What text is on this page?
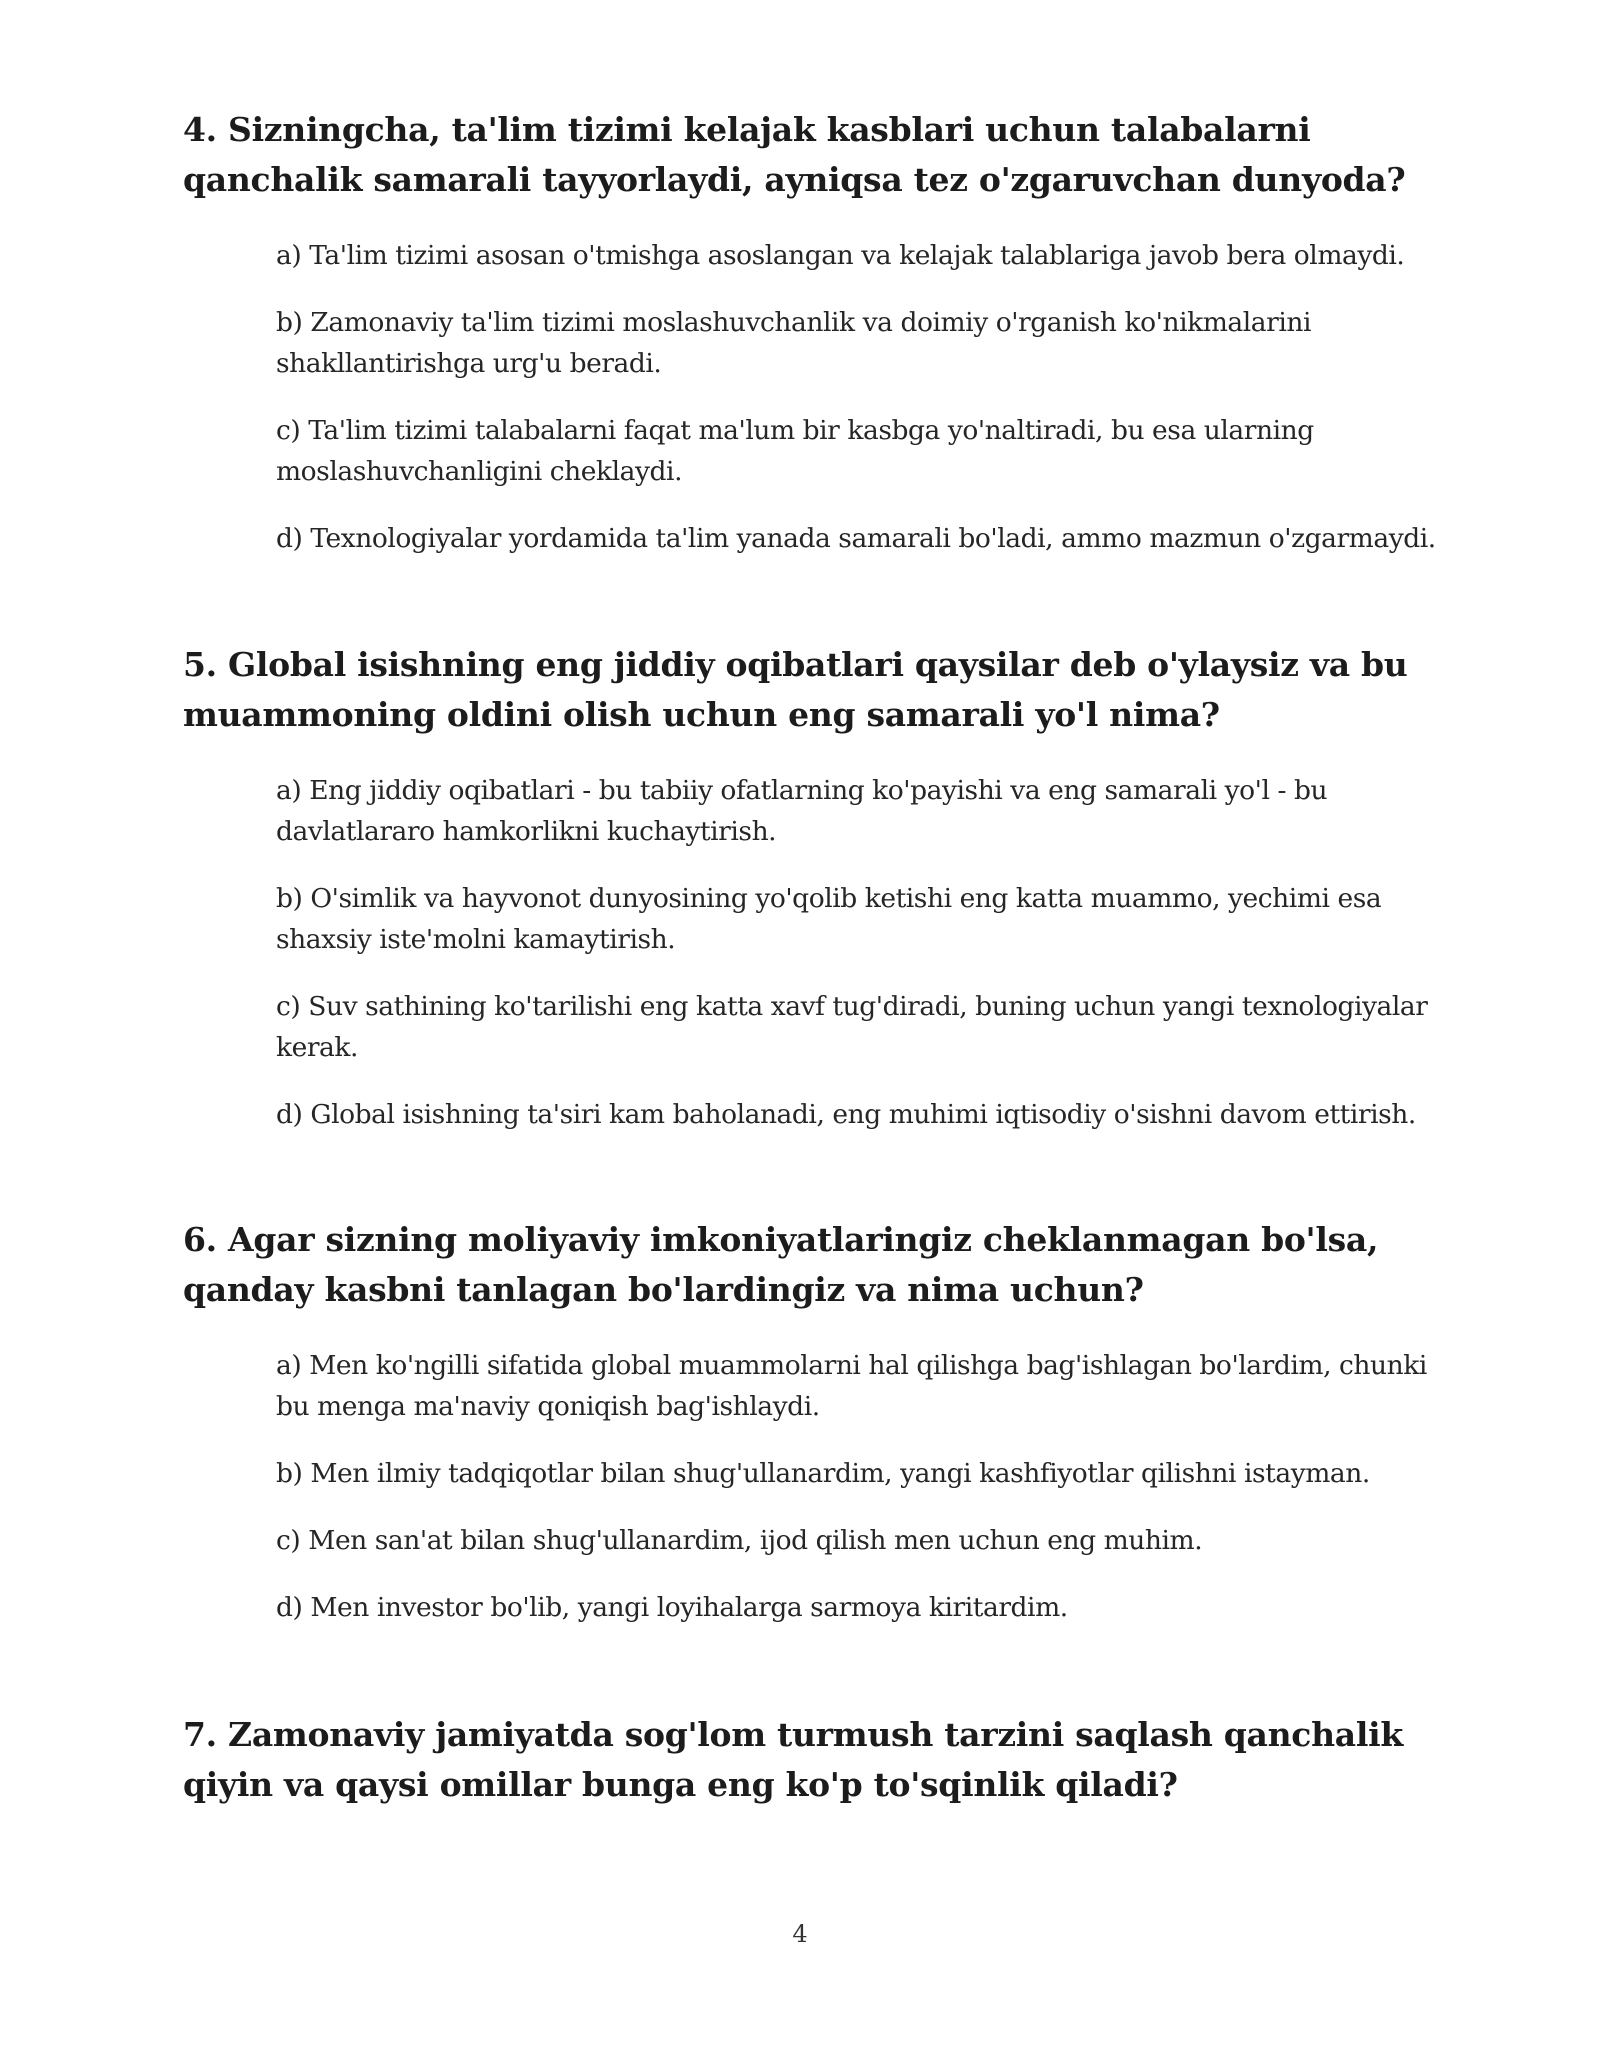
4. Sizningcha, ta'lim tizimi kelajak kasblari uchun talabalarni qanchalik samarali tayyorlaydi, ayniqsa tez o'zgaruvchan dunyoda?

a) Ta'lim tizimi asosan o'tmishga asoslangan va kelajak talablariga javob bera olmaydi.

b) Zamonaviy ta'lim tizimi moslashuvchanlik va doimiy o'rganish ko'nikmalarini shakllantirishga urg'u beradi.

c) Ta'lim tizimi talabalarni faqat ma'lum bir kasbga yo'naltiradi, bu esa ularning moslashuvchanligini cheklaydi.

d) Texnologiyalar yordamida ta'lim yanada samarali bo'ladi, ammo mazmun o'zgarmaydi.

5. Global isishning eng jiddiy oqibatlari qaysilar deb o'ylaysiz va bu muammoning oldini olish uchun eng samarali yo'l nima?

a) Eng jiddiy oqibatlari - bu tabiiy ofatlarning ko'payishi va eng samarali yo'l - bu davlatlararo hamkorlikni kuchaytirish.

b) O'simlik va hayvonot dunyosining yo'qolib ketishi eng katta muammo, yechimi esa shaxsiy iste'molni kamaytirish.

c) Suv sathining ko'tarilishi eng katta xavf tug'diradi, buning uchun yangi texnologiyalar kerak.

d) Global isishning ta'siri kam baholanadi, eng muhimi iqtisodiy o'sishni davom ettirish.

6. Agar sizning moliyaviy imkoniyatlaringiz cheklanmagan bo'lsa, qanday kasbni tanlagan bo'lardingiz va nima uchun?

a) Men ko'ngilli sifatida global muammolarni hal qilishga bag'ishlagan bo'lardim, chunki bu menga ma'naviy qoniqish bag'ishlaydi.

b) Men ilmiy tadqiqotlar bilan shug'ullanardim, yangi kashfiyotlar qilishni istayman.

c) Men san'at bilan shug'ullanardim, ijod qilish men uchun eng muhim.

d) Men investor bo'lib, yangi loyihalarga sarmoya kiritardim.

7. Zamonaviy jamiyatda sog'lom turmush tarzini saqlash qanchalik qiyin va qaysi omillar bunga eng ko'p to'sqinlik qiladi?

4
